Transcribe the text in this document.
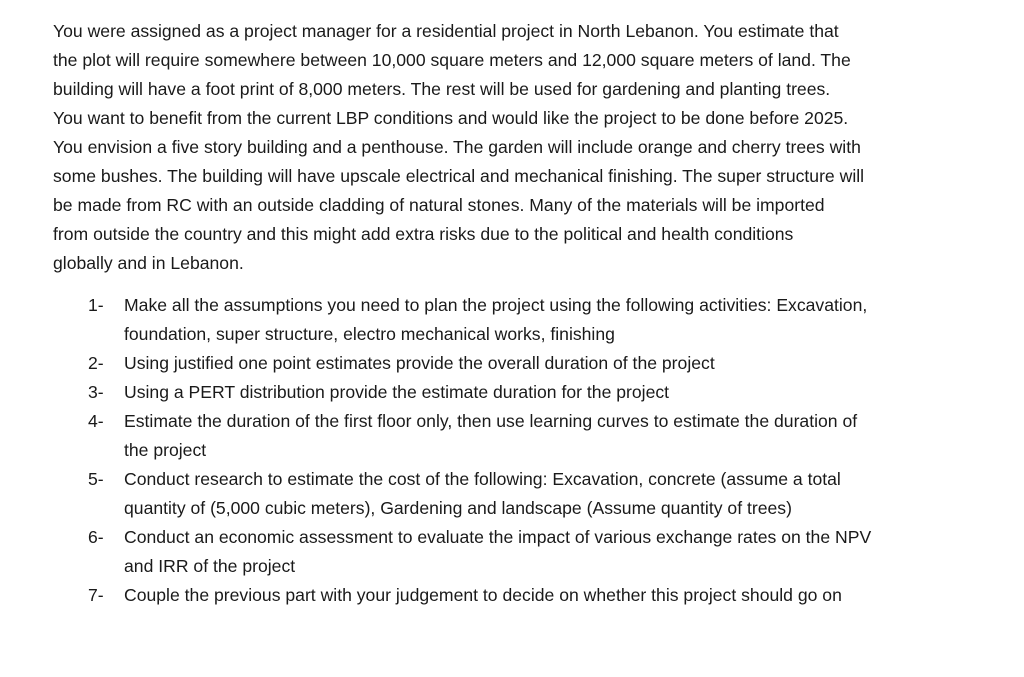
You were assigned as a project manager for a residential project in North Lebanon. You estimate that
the plot will require somewhere between 10,000 square meters and 12,000 square meters of land. The
building will have a foot print of 8,000 meters. The rest will be used for gardening and planting trees.
You want to benefit from the current LBP conditions and would like the project to be done before 2025.
You envision a five story building and a penthouse. The garden will include orange and cherry trees with
some bushes. The building will have upscale electrical and mechanical finishing. The super structure will
be made from RC with an outside cladding of natural stones. Many of the materials will be imported
from outside the country and this might add extra risks due to the political and health conditions
globally and in Lebanon.

1- Make all the assumptions you need to plan the project using the following activities: Excavation,
foundation, super structure, electro mechanical works, finishing
2- Using justified one point estimates provide the overall duration of the project
3- Using a PERT distribution provide the estimate duration for the project
4- Estimate the duration of the first floor only, then use learning curves to estimate the duration of
the project
5- Conduct research to estimate the cost of the following: Excavation, concrete (assume a total
quantity of (5,000 cubic meters), Gardening and landscape (Assume quantity of trees)
6- Conduct an economic assessment to evaluate the impact of various exchange rates on the NPV
and IRR of the project
7- Couple the previous part with your judgement to decide on whether this project should go on
